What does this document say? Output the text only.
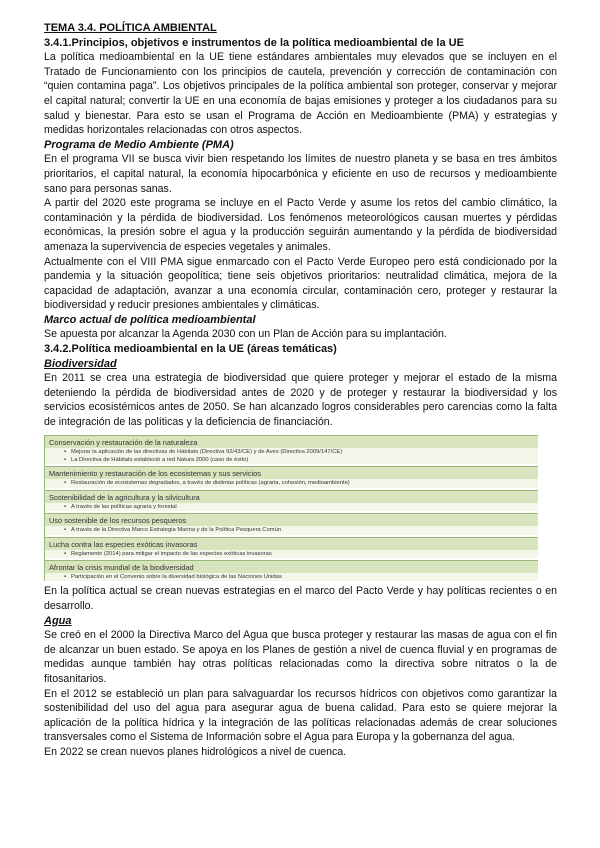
TEMA 3.4. POLÍTICA AMBIENTAL

3.4.1.Principios, objetivos e instrumentos de la política medioambiental de la UE

La política medioambiental en la UE tiene estándares ambientales muy elevados que se incluyen en el Tratado de Funcionamiento con los principios de cautela, prevención y corrección de contaminación con “quien contamina paga”. Los objetivos principales de la política ambiental son proteger, conservar y mejorar el capital natural; convertir la UE en una economía de bajas emisiones y proteger a los ciudadanos para su salud y bienestar. Para esto se usan el Programa de Acción en Medioambiente (PMA) y estrategias y medidas horizontales relacionadas con otros aspectos.

Programa de Medio Ambiente (PMA)

En el programa VII se busca vivir bien respetando los límites de nuestro planeta y se basa en tres ámbitos prioritarios, el capital natural, la economía hipocarbónica y eficiente en uso de recursos y medioambiente sano para personas sanas.

A partir del 2020 este programa se incluye en el Pacto Verde y asume los retos del cambio climático, la contaminación y la pérdida de biodiversidad. Los fenómenos meteorológicos causan muertes y pérdidas económicas, la presión sobre el agua y la producción seguirán aumentando y la pérdida de biodiversidad amenaza la supervivencia de especies vegetales y animales.

Actualmente con el VIII PMA sigue enmarcado con el Pacto Verde Europeo pero está condicionado por la pandemia y la situación geopolítica; tiene seis objetivos prioritarios: neutralidad climática, mejora de la capacidad de adaptación, avanzar a una economía circular, contaminación cero, proteger y restaurar la biodiversidad y reducir presiones ambientales y climáticas.

Marco actual de política medioambiental

Se apuesta por alcanzar la Agenda 2030 con un Plan de Acción para su implantación.

3.4.2.Política medioambiental en la UE (áreas temáticas)

Biodiversidad

En 2011 se crea una estrategia de biodiversidad que quiere proteger y mejorar el estado de la misma deteniendo la pérdida de biodiversidad antes de 2020 y de proteger y restaurar la biodiversidad y los servicios ecosistémicos antes de 2050. Se han alcanzado logros considerables pero carencias como la falta de integración de las políticas y la deficiencia de financiación.

Conservación y restauración de la naturaleza
▪ Mejorar la aplicación de las directivas de Hábitats (Directiva 92/43/CE) y de Aves (Directiva 2009/147/CE)
▪ La Directiva de Hábitats estableció a red Natura 2000 (caso de éxito)
Mantenimiento y restauración de los ecosistemas y sus servicios
▪ Restauración de ecosistemas degradados, a través de distintas políticas (agraria, cohesión, medioambiente)
Sostenibilidad de la agricultura y la silvicultura
▪ A través de las políticas agraria y forestal
Uso sostenible de los recursos pesqueros
▪ A través de la Directiva Marco Estrategia Marina y de la Política Pesquera Común
Lucha contra las especies exóticas invasoras
▪ Reglamento (2014) para mitigar el impacto de las especies exóticas invasoras
Afrontar la crisis mundial de la biodiversidad
▪ Participación en el Convenio sobre la diversidad biológica de las Naciones Unidas

En la política actual se crean nuevas estrategias en el marco del Pacto Verde y hay políticas recientes o en desarrollo.

Agua

Se creó en el 2000 la Directiva Marco del Agua que busca proteger y restaurar las masas de agua con el fin de alcanzar un buen estado. Se apoya en los Planes de gestión a nivel de cuenca fluvial y en programas de medidas aunque también hay otras políticas relacionadas como la directiva sobre nitratos o la de fitosanitarios.

En el 2012 se estableció un plan para salvaguardar los recursos hídricos con objetivos como garantizar la sostenibilidad del uso del agua para asegurar agua de buena calidad. Para esto se quiere mejorar la aplicación de la política hídrica y la integración de las políticas relacionadas además de crear soluciones transversales como el Sistema de Información sobre el Agua para Europa y la gobernanza del agua.

En 2022 se crean nuevos planes hidrológicos a nivel de cuenca.
